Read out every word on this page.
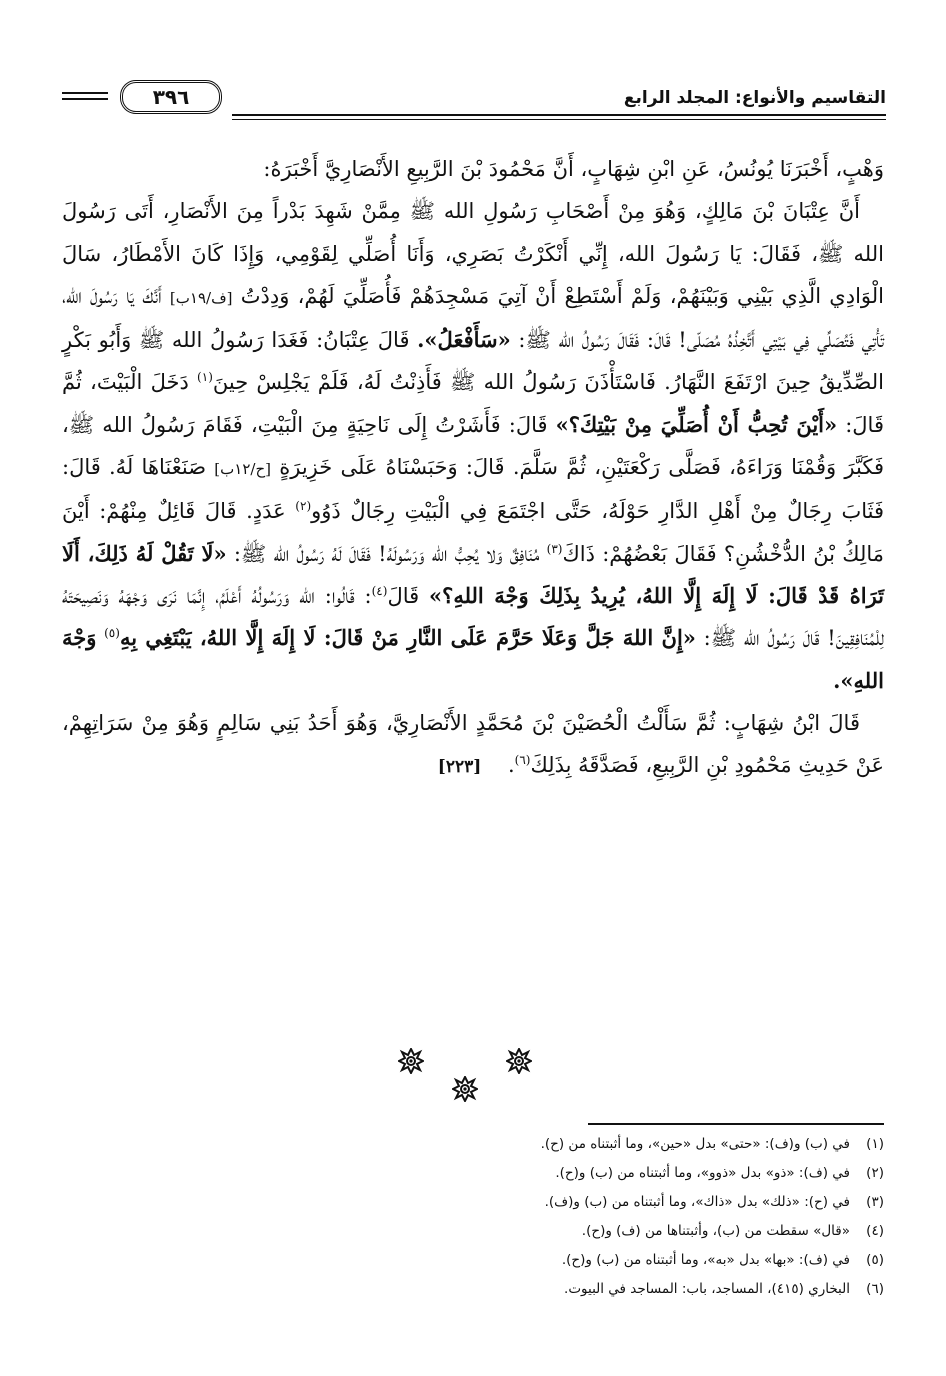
التقاسيم والأنواع: المجلد الرابع
٣٩٦

وَهْبٍ، أَخْبَرَنَا يُونُسُ، عَنِ ابْنِ شِهَابٍ، أَنَّ مَحْمُودَ بْنَ الرَّبِيعِ الأَنْصَارِيَّ أَخْبَرَهُ:

أَنَّ عِتْبَانَ بْنَ مَالِكٍ، وَهُوَ مِنْ أَصْحَابِ رَسُولِ الله ﷺ مِمَّنْ شَهِدَ بَدْراً مِنَ الأَنْصَارِ، أَتَى رَسُولَ الله ﷺ، فَقَالَ: يَا رَسُولَ الله، إِنِّي أَنْكَرْتُ بَصَرِي، وَأَنَا أُصَلِّي لِقَوْمِي، وَإِذَا كَانَ الأَمْطَارُ، سَالَ الْوَادِي الَّذِي بَيْنِي وَبَيْنَهُمْ، وَلَمْ أَسْتَطِعْ أَنْ آتِيَ مَسْجِدَهُمْ فَأُصَلِّيَ لَهُمْ، وَدِدْتُ [ف/١٩ب] أَنَّكَ يَا رَسُولَ الله، تَأْتِي فَتُصَلِّي فِي بَيْتِي أَتَّخِذُهُ مُصَلّى! قَالَ: فَقَالَ رَسُولُ الله ﷺ: «سَأَفْعَلُ». قَالَ عِتْبَانُ: فَغَدَا رَسُولُ الله ﷺ وَأَبُو بَكْرٍ الصِّدِّيقُ حِينَ ارْتَفَعَ النَّهَارُ. فَاسْتَأْذَنَ رَسُولُ الله ﷺ فَأَذِنْتُ لَهُ، فَلَمْ يَجْلِسْ حِينَ$^{(١)}$ دَخَلَ الْبَيْتَ، ثُمَّ قَالَ: «أَيْنَ تُحِبُّ أَنْ أُصَلِّيَ مِنْ بَيْتِكَ؟» قَالَ: فَأَشَرْتُ إِلَى نَاحِيَةٍ مِنَ الْبَيْتِ، فَقَامَ رَسُولُ الله ﷺ، فَكَبَّرَ وَقُمْنَا وَرَاءَهُ، فَصَلَّى رَكْعَتَيْنِ، ثُمَّ سَلَّمَ. قَالَ: وَحَبَسْنَاهُ عَلَى خَزِيرَةٍ [ح/١٢ب] صَنَعْنَاهَا لَهُ. قَالَ: فَثَابَ رِجَالٌ مِنْ أَهْلِ الدَّارِ حَوْلَهُ، حَتَّى اجْتَمَعَ فِي الْبَيْتِ رِجَالٌ ذَوُو$^{(٢)}$ عَدَدٍ. قَالَ قَائِلٌ مِنْهُمْ: أَيْنَ مَالِكُ بْنُ الدُّخْشُنِ؟ فَقَالَ بَعْضُهُمْ: ذَاكَ$^{(٣)}$ مُنَافِقٌ وَلا يُحِبُّ الله وَرَسُولَهُ! فَقَالَ لَهُ رَسُولُ الله ﷺ: «لَا تَقُلْ لَهُ ذَلِكَ، أَلَا تَرَاهُ قَدْ قَالَ: لَا إِلَهَ إِلَّا اللهُ، يُرِيدُ بِذَلِكَ وَجْهَ اللهِ؟» قَالَ$^{(٤)}$: قَالُوا: الله وَرَسُولُهُ أَعْلَمُ، إِنَّمَا نَرَى وَجْهَهُ وَنَصِيحَتَهُ لِلْمُنَافِقِينَ! قَالَ رَسُولُ الله ﷺ: «إِنَّ اللهَ جَلَّ وَعَلَا حَرَّمَ عَلَى النَّارِ مَنْ قَالَ: لَا إِلَهَ إِلَّا اللهُ، يَبْتَغِي بِهِ$^{(٥)}$ وَجْهَ اللهِ».

قَالَ ابْنُ شِهَابٍ: ثُمَّ سَأَلْتُ الْحُصَيْنَ بْنَ مُحَمَّدٍ الأَنْصَارِيَّ، وَهُوَ أَحَدُ بَنِي سَالِمٍ وَهُوَ مِنْ سَرَاتِهِمْ، عَنْ حَدِيثِ مَحْمُودِ بْنِ الرَّبِيعِ، فَصَدَّقَهُ بِذَلِكَ$^{(٦)}$.    [٢٢٣]

(١)في (ب) و(ف): «حتى» بدل «حين»، وما أثبتناه من (ح).
(٢)في (ف): «ذو» بدل «ذوو»، وما أثبتناه من (ب) و(ح).
(٣)في (ح): «ذلك» بدل «ذاك»، وما أثبتناه من (ب) و(ف).
(٤)«قال» سقطت من (ب)، وأثبتناها من (ف) و(ح).
(٥)في (ف): «بها» بدل «به»، وما أثبتناه من (ب) و(ح).
(٦)البخاري (٤١٥)، المساجد، باب: المساجد في البيوت.
